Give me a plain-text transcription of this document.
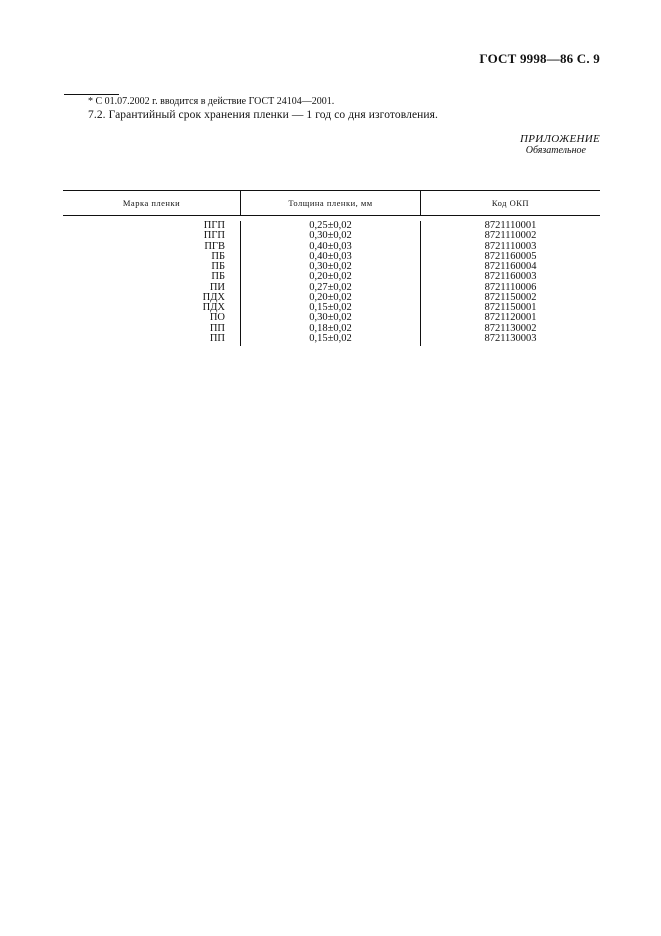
ГОСТ 9998—86 С. 9
* С 01.07.2002 г. вводится в действие ГОСТ 24104—2001.
7.2. Гарантийный срок хранения пленки — 1 год со дня изготовления.
ПРИЛОЖЕНИЕ
Обязательное
Марка пленки	Толщина пленки, мм	Код ОКП
ПГП
ПГП
ПГВ
ПБ
ПБ
ПБ
ПИ
ПДХ
ПДХ
ПО
ПП
ПП
0,25±0,02
0,30±0,02
0,40±0,03
0,40±0,03
0,30±0,02
0,20±0,02
0,27±0,02
0,20±0,02
0,15±0,02
0,30±0,02
0,18±0,02
0,15±0,02
8721110001
8721110002
8721110003
8721160005
8721160004
8721160003
8721110006
8721150002
8721150001
8721120001
8721130002
8721130003
